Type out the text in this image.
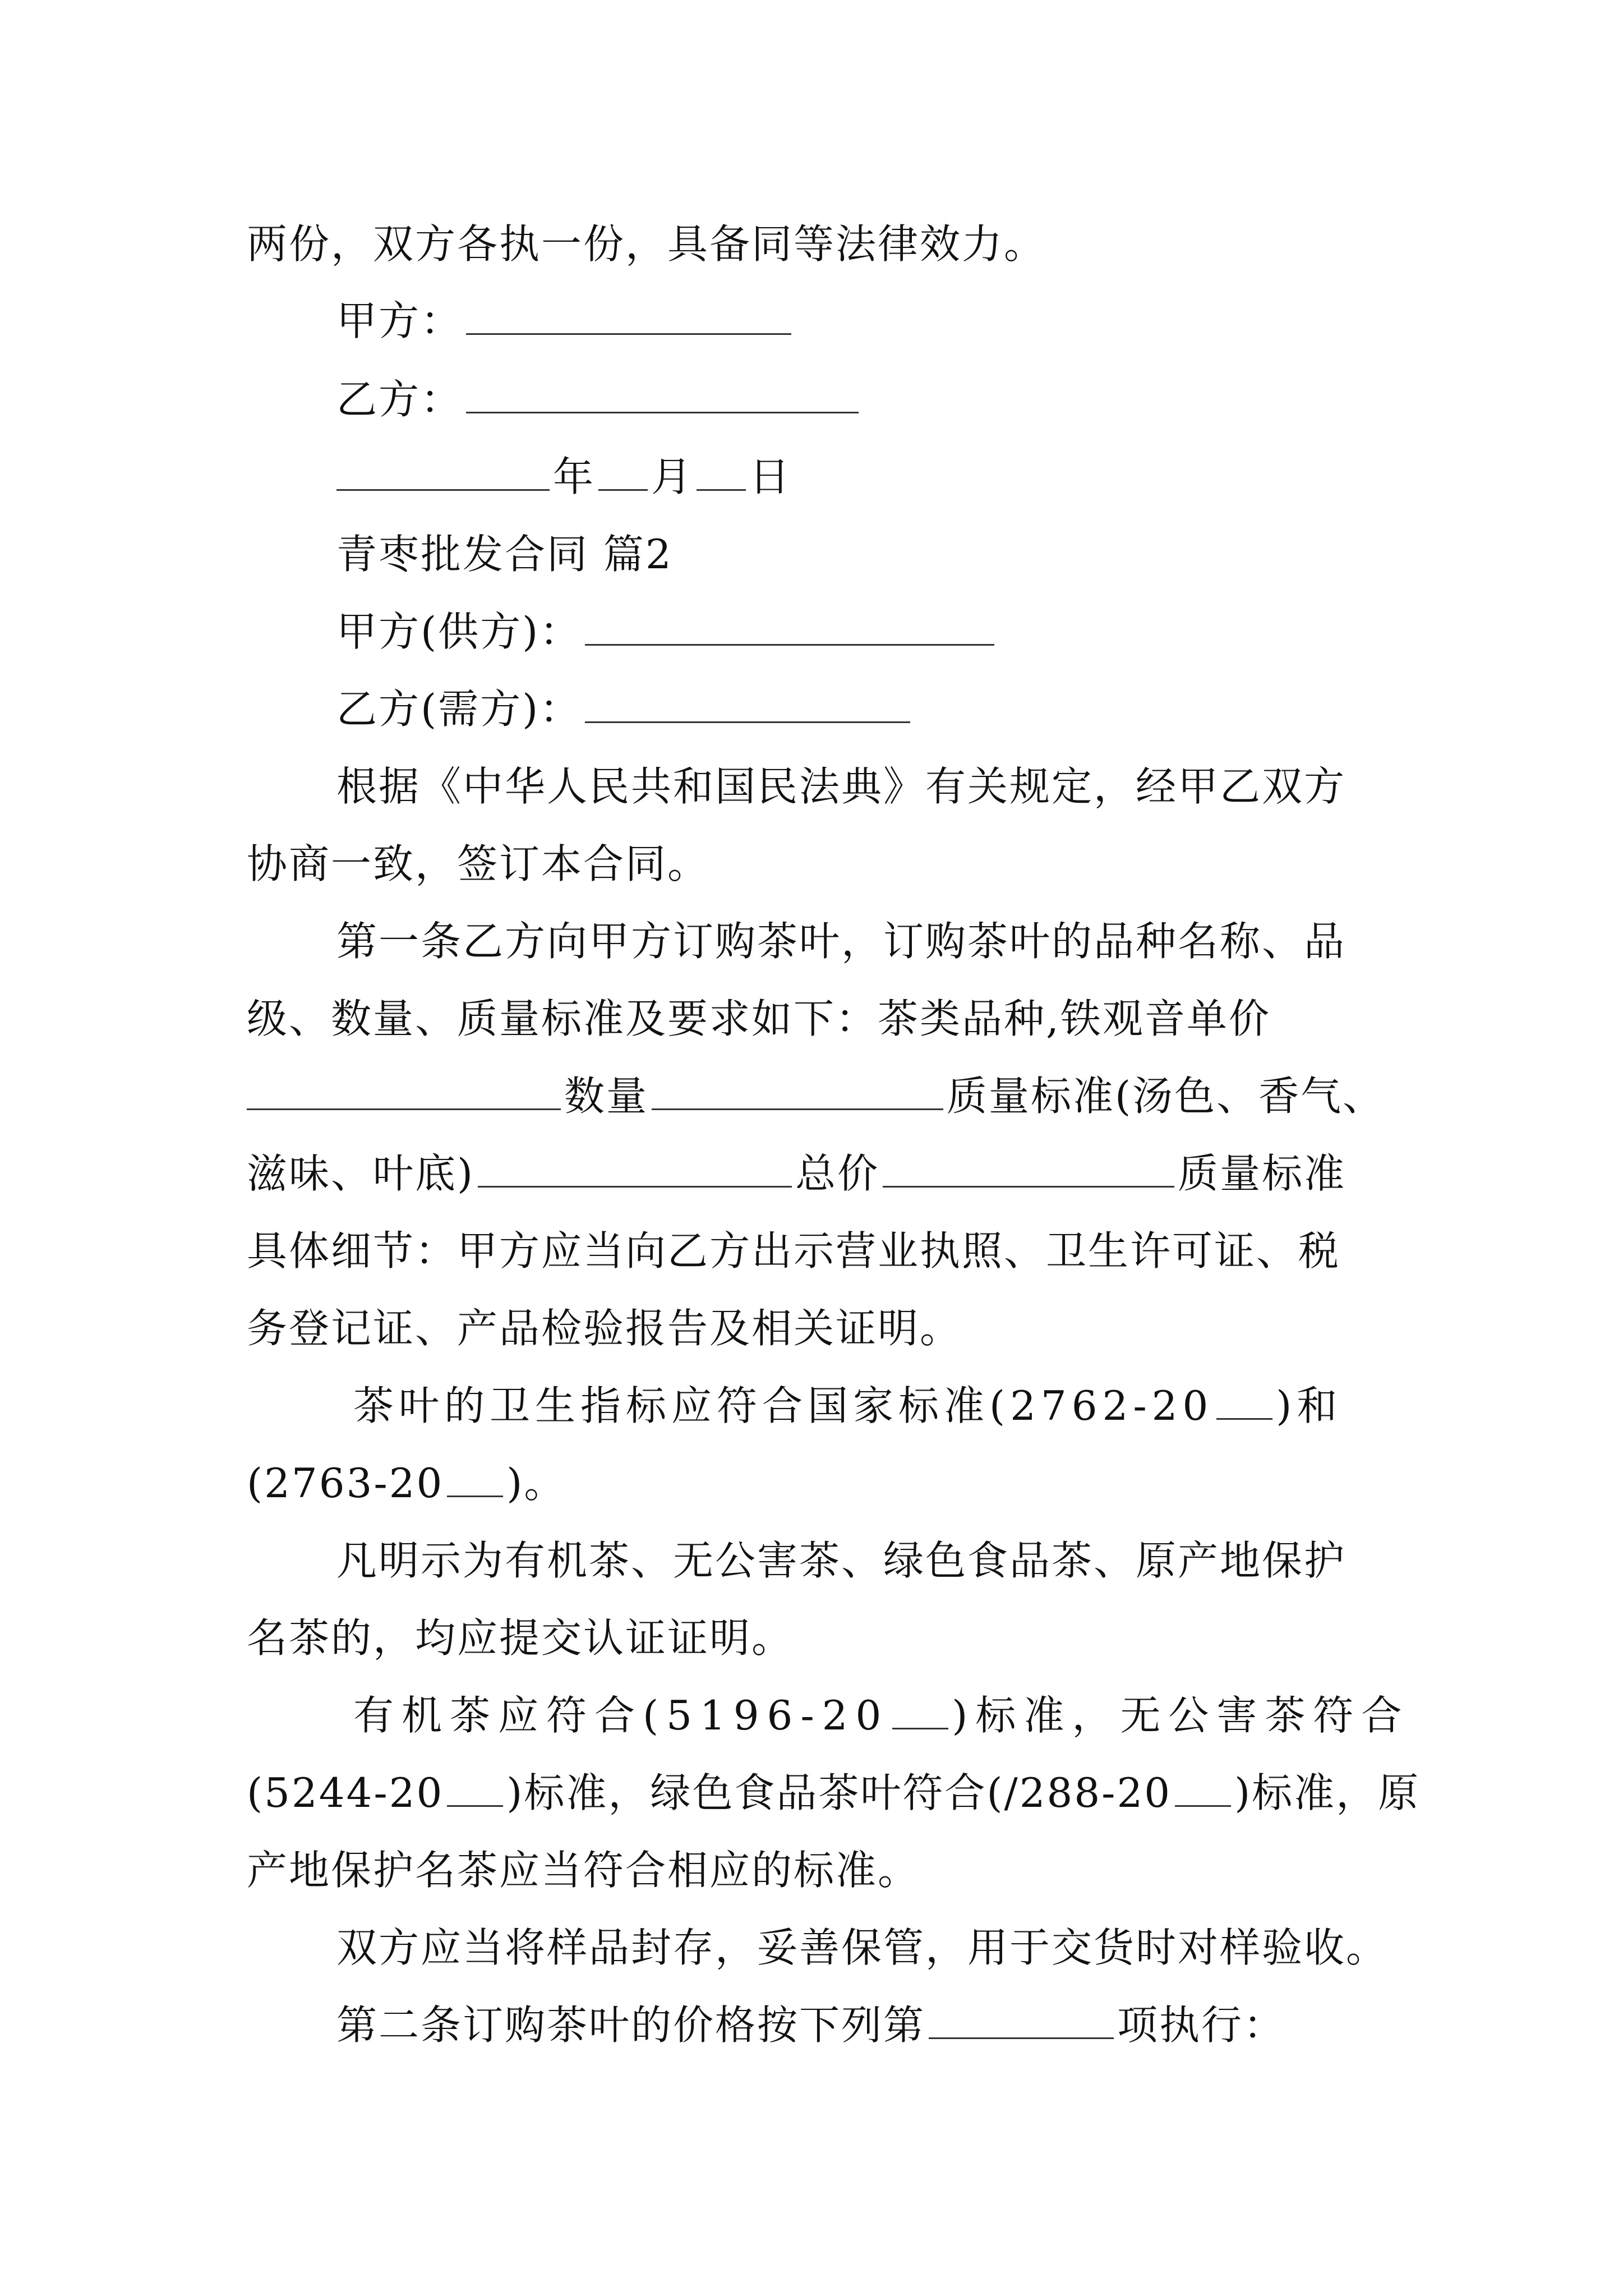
两份，双方各执一份，具备同等法律效力。
甲方：
乙方：
年 月 日
青枣批发合同 篇2
甲方(供方)：
乙方(需方)：
根据《中华人民共和国民法典》有关规定，经甲乙双方
协商一致，签订本合同。
第一条乙方向甲方订购茶叶，订购茶叶的品种名称、品
级、数量、质量标准及要求如下：茶类品种,铁观音单价
数量	质量标准(汤色、香气、
滋味、叶底)	总价	质量标准
具体细节：甲方应当向乙方出示营业执照、卫生许可证、税
务登记证、产品检验报告及相关证明。
茶叶的卫生指标应符合国家标准(2762-20 )和
(2763-20 )。
凡明示为有机茶、无公害茶、绿色食品茶、原产地保护
名茶的，均应提交认证证明。
有机茶应符合(5196-20 )标准，无公害茶符合
(5244-20 )标准，绿色食品茶叶符合(/288-20 )标准，原
产地保护名茶应当符合相应的标准。
双方应当将样品封存，妥善保管，用于交货时对样验收。
第二条订购茶叶的价格按下列第	项执行：
